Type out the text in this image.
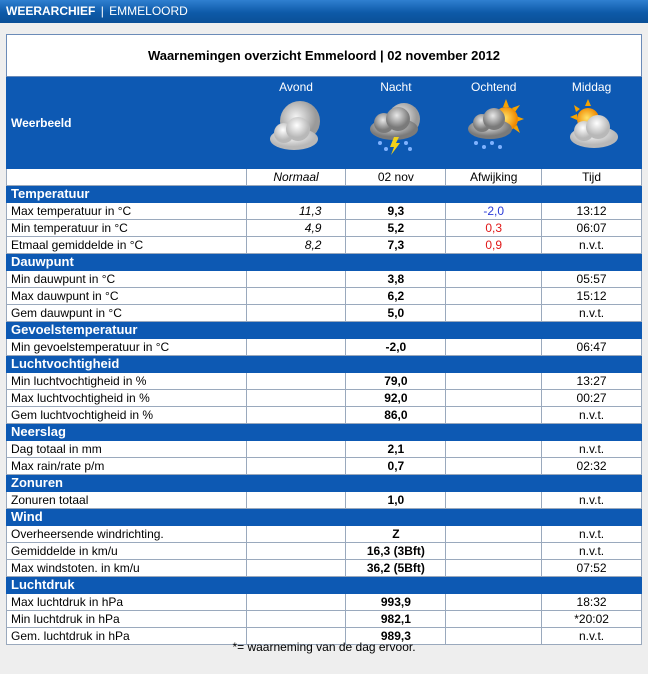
WEERARCHIEF | EMMELOORD
Waarnemingen overzicht Emmeloord | 02 november 2012				
Weerbeeld	Avond	Nacht	Ochtend	Middag

	Normaal	02 nov	Afwijking	Tijd
Temperatuur				
Max temperatuur in °C	11,3	9,3	-2,0	13:12
Min temperatuur in °C	4,9	5,2	0,3	06:07
Etmaal gemiddelde in °C	8,2	7,3	0,9	n.v.t.
Dauwpunt				
Min dauwpunt in °C		3,8		05:57
Max dauwpunt in °C		6,2		15:12
Gem dauwpunt in °C		5,0		n.v.t.
Gevoelstemperatuur				
Min gevoelstemperatuur in °C		-2,0		06:47
Luchtvochtigheid				
Min luchtvochtigheid in %		79,0		13:27
Max luchtvochtigheid in %		92,0		00:27
Gem luchtvochtigheid in %		86,0		n.v.t.
Neerslag				
Dag totaal in mm		2,1		n.v.t.
Max rain/rate p/m		0,7		02:32
Zonuren				
Zonuren totaal		1,0		n.v.t.
Wind				
Overheersende windrichting.		Z		n.v.t.
Gemiddelde in km/u		16,3 (3Bft)		n.v.t.
Max windstoten. in km/u		36,2 (5Bft)		07:52
Luchtdruk				
Max luchtdruk in hPa		993,9		18:32
Min luchtdruk in hPa		982,1		*20:02
Gem. luchtdruk in hPa		989,3		n.v.t.
*= waarneming van de dag ervoor.
